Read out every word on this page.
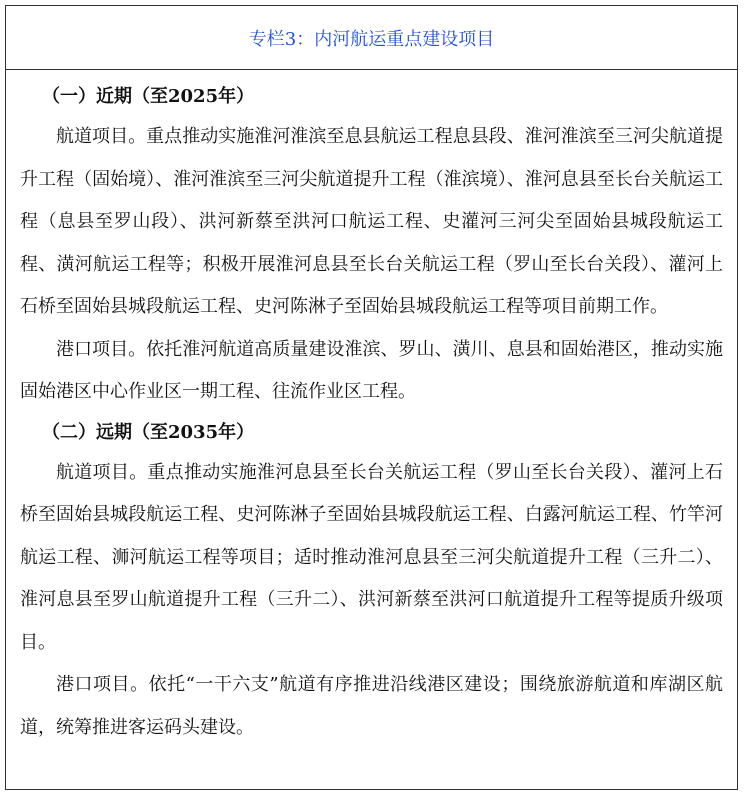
专栏3：内河航运重点建设项目

（一）近期（至2025年）

航道项目。重点推动实施淮河淮滨至息县航运工程息县段、淮河淮滨至三河尖航道提升工程（固始境）、淮河淮滨至三河尖航道提升工程（淮滨境）、淮河息县至长台关航运工程（息县至罗山段）、洪河新蔡至洪河口航运工程、史灌河三河尖至固始县城段航运工程、潢河航运工程等；积极开展淮河息县至长台关航运工程（罗山至长台关段）、灌河上石桥至固始县城段航运工程、史河陈淋子至固始县城段航运工程等项目前期工作。

港口项目。依托淮河航道高质量建设淮滨、罗山、潢川、息县和固始港区，推动实施固始港区中心作业区一期工程、往流作业区工程。

（二）远期（至2035年）

航道项目。重点推动实施淮河息县至长台关航运工程（罗山至长台关段）、灌河上石桥至固始县城段航运工程、史河陈淋子至固始县城段航运工程、白露河航运工程、竹竿河航运工程、浉河航运工程等项目；适时推动淮河息县至三河尖航道提升工程（三升二）、淮河息县至罗山航道提升工程（三升二）、洪河新蔡至洪河口航道提升工程等提质升级项目。

港口项目。依托“一干六支”航道有序推进沿线港区建设；围绕旅游航道和库湖区航道，统筹推进客运码头建设。
